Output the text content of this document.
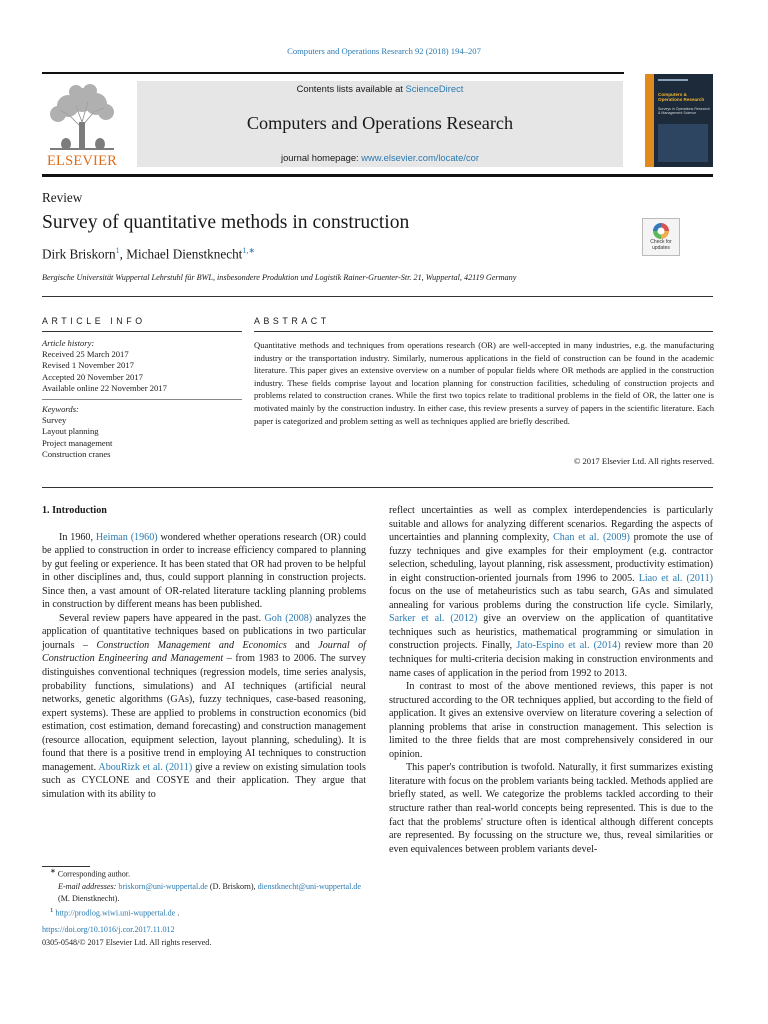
Computers and Operations Research 92 (2018) 194–207
ELSEVIER
Contents lists available at ScienceDirect
Computers and Operations Research
journal homepage: www.elsevier.com/locate/cor
Computers & Operations Research
Surveys in Operations Research & Management Science
Review
Survey of quantitative methods in construction
Dirk Briskorn$^1$, Michael Dienstknecht$^{1,∗}$
Bergische Universität Wuppertal Lehrstuhl für BWL, insbesondere Produktion und Logistik Rainer-Gruenter-Str. 21, Wuppertal, 42119 Germany
Check for updates
ARTICLE INFO
Article history:
Received 25 March 2017
Revised 1 November 2017
Accepted 20 November 2017
Available online 22 November 2017
Keywords:
Survey
Layout planning
Project management
Construction cranes
ABSTRACT
Quantitative methods and techniques from operations research (OR) are well-accepted in many industries, e.g. the manufacturing industry or the transportation industry. Similarly, numerous applications in the field of construction can be found in the academic literature. This paper gives an extensive overview on a number of popular fields where OR methods are applied in the construction industry. These fields comprise layout and location planning for construction facilities, scheduling of construction projects and problems related to construction cranes. While the first two topics relate to traditional problems in the field of OR, the latter one is motivated mainly by the construction industry. In either case, this review presents a survey of papers in the scientific literature. Each paper is categorized and problem setting as well as techniques applied are briefly described.
© 2017 Elsevier Ltd. All rights reserved.
1. Introduction

In 1960, Heiman (1960) wondered whether operations research (OR) could be applied to construction in order to increase efficiency compared to planning by gut feeling or experience. It has been stated that OR had proven to be helpful in other disciplines and, thus, could support planning in construction projects. Since then, a vast amount of OR-related literature tackling planning problems in construction by different means has been published.

Several review papers have appeared in the past. Goh (2008) analyzes the application of quantitative techniques based on publications in two particular journals – Construction Management and Economics and Journal of Construction Engineering and Management – from 1983 to 2006. The survey distinguishes conventional techniques (regression models, time series analysis, probability functions, simulations) and AI techniques (artificial neural networks, genetic algorithms (GAs), fuzzy techniques, case-based reasoning, expert systems). These are applied to problems in construction economics (bid estimation, cost estimation, demand forecasting) and construction management (resource allocation, equipment selection, layout planning, scheduling). It is found that there is a positive trend in employing AI techniques to construction management. AbouRizk et al. (2011) give a review on existing simulation tools such as CYCLONE and COSYE and their application. They argue that simulation with its ability to

reflect uncertainties as well as complex interdependencies is particularly suitable and allows for analyzing different scenarios. Regarding the aspects of uncertainties and planning complexity, Chan et al. (2009) promote the use of fuzzy techniques and give examples for their employment (e.g. contractor selection, scheduling, layout planning, risk assessment, productivity estimation) in eight construction-oriented journals from 1996 to 2005. Liao et al. (2011) focus on the use of metaheuristics such as tabu search, GAs and simulated annealing for various problems during the construction life cycle. Similarly, Sarker et al. (2012) give an overview on the application of quantitative techniques such as heuristics, mathematical programming or simulation in construction projects. Finally, Jato-Espino et al. (2014) review more than 20 techniques for multi-criteria decision making in construction environments and name cases of application in the period from 1992 to 2013.

In contrast to most of the above mentioned reviews, this paper is not structured according to the OR techniques applied, but according to the field of application. It gives an extensive overview on literature covering a selection of planning problems that arise in construction management. This selection is limited to the three fields that are most comprehensively considered in our opinion.

This paper's contribution is twofold. Naturally, it first summarizes existing literature with focus on the problem variants being tackled. Methods applied are briefly stated, as well. We categorize the problems tackled according to their structure rather than real-world concepts being represented. This is due to the fact that the problems' structure often is identical although different concepts are represented. By focussing on the structure we, thus, reveal similarities or even equivalences between problem variants devel-

∗ Corresponding author.
E-mail addresses: briskorn@uni-wuppertal.de (D. Briskorn), dienstknecht@uni-wuppertal.de (M. Dienstknecht).
$^1$ http://prodlog.wiwi.uni-wuppertal.de .
https://doi.org/10.1016/j.cor.2017.11.012
0305-0548/© 2017 Elsevier Ltd. All rights reserved.
